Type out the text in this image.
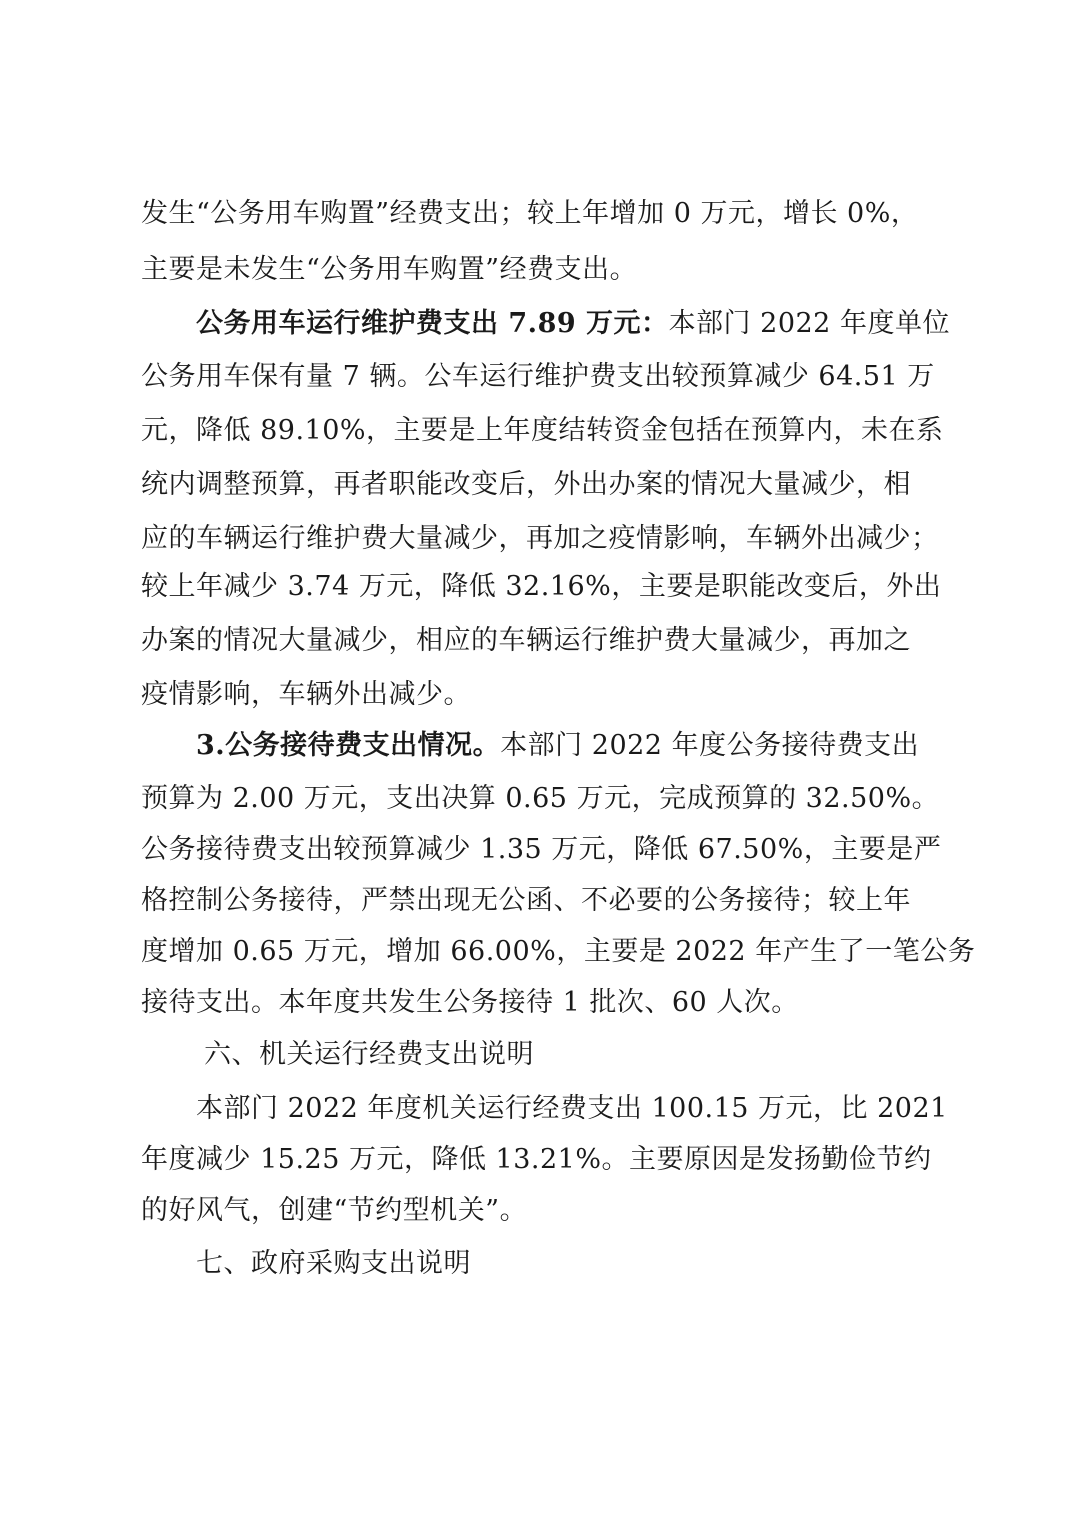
发生“公务用车购置”经费支出；较上年增加 0 万元，增长 0%，
主要是未发生“公务用车购置”经费支出。
公务用车运行维护费支出 7.89 万元：本部门 2022 年度单位
公务用车保有量 7 辆。公车运行维护费支出较预算减少 64.51 万
元，降低 89.10%，主要是上年度结转资金包括在预算内，未在系
统内调整预算，再者职能改变后，外出办案的情况大量减少，相
应的车辆运行维护费大量减少，再加之疫情影响，车辆外出减少；
较上年减少 3.74 万元，降低 32.16%，主要是职能改变后，外出
办案的情况大量减少，相应的车辆运行维护费大量减少，再加之
疫情影响，车辆外出减少。
3.公务接待费支出情况。本部门 2022 年度公务接待费支出
预算为 2.00 万元，支出决算 0.65 万元，完成预算的 32.50%。
公务接待费支出较预算减少 1.35 万元，降低 67.50%，主要是严
格控制公务接待，严禁出现无公函、不必要的公务接待；较上年
度增加 0.65 万元，增加 66.00%，主要是 2022 年产生了一笔公务
接待支出。本年度共发生公务接待 1 批次、60 人次。
六、机关运行经费支出说明
本部门 2022 年度机关运行经费支出 100.15 万元，比 2021
年度减少 15.25 万元，降低 13.21%。主要原因是发扬勤俭节约
的好风气，创建“节约型机关”。
七、政府采购支出说明
